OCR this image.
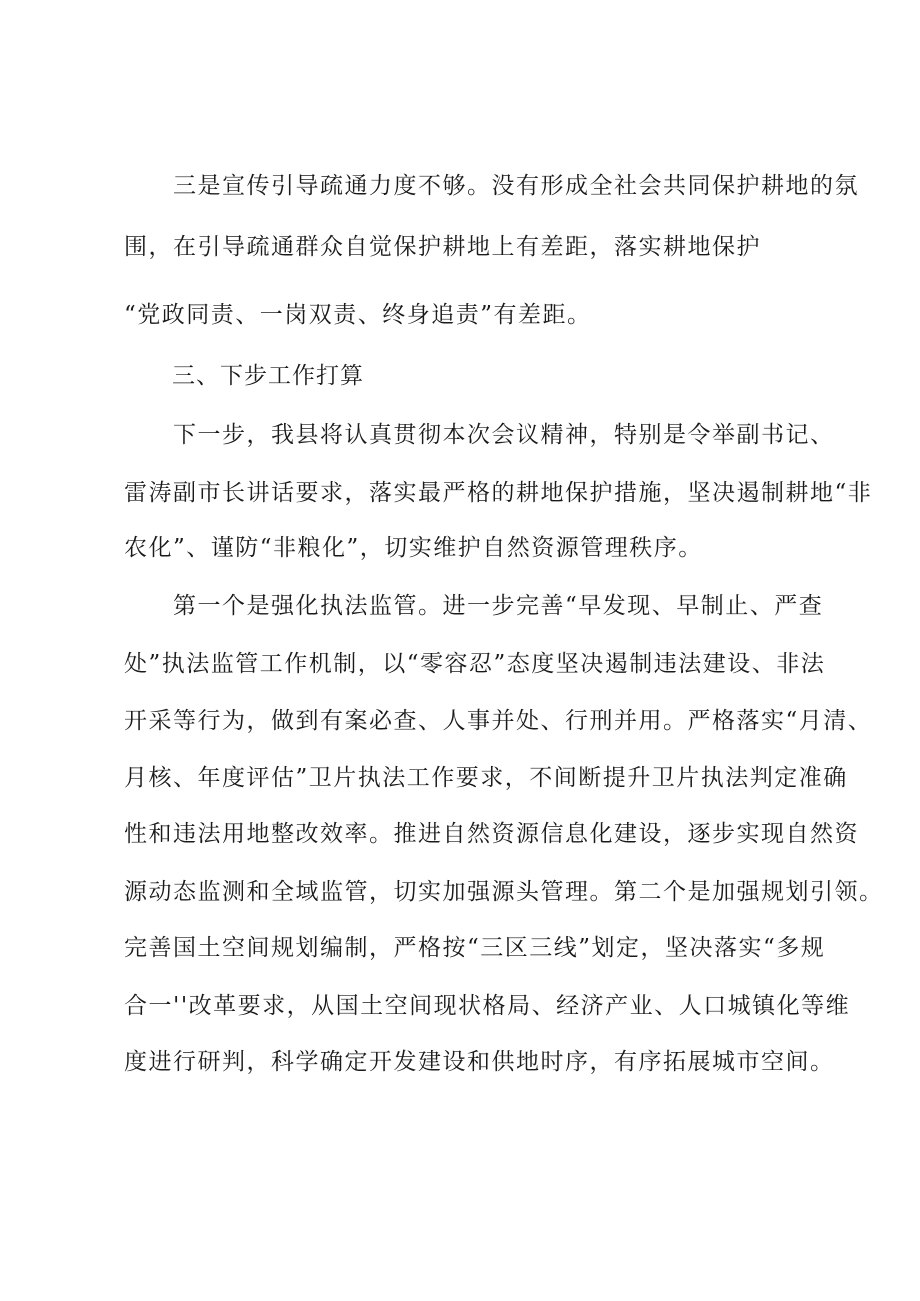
　　三是宣传引导疏通力度不够。没有形成全社会共同保护耕地的氛
围，在引导疏通群众自觉保护耕地上有差距，落实耕地保护
“党政同责、一岗双责、终身追责”有差距。
三、下步工作打算
　　下一步，我县将认真贯彻本次会议精神，特别是令举副书记、
雷涛副市长讲话要求，落实最严格的耕地保护措施，坚决遏制耕地“非
农化”、谨防“非粮化”，切实维护自然资源管理秩序。
　　第一个是强化执法监管。进一步完善“早发现、早制止、严查
处”执法监管工作机制，以“零容忍”态度坚决遏制违法建设、非法
开采等行为，做到有案必查、人事并处、行刑并用。严格落实“月清、
月核、年度评估”卫片执法工作要求，不间断提升卫片执法判定准确
性和违法用地整改效率。推进自然资源信息化建设，逐步实现自然资
源动态监测和全域监管，切实加强源头管理。第二个是加强规划引领。
完善国土空间规划编制，严格按“三区三线”划定，坚决落实“多规
合一''改革要求，从国土空间现状格局、经济产业、人口城镇化等维
度进行研判，科学确定开发建设和供地时序，有序拓展城市空间。
